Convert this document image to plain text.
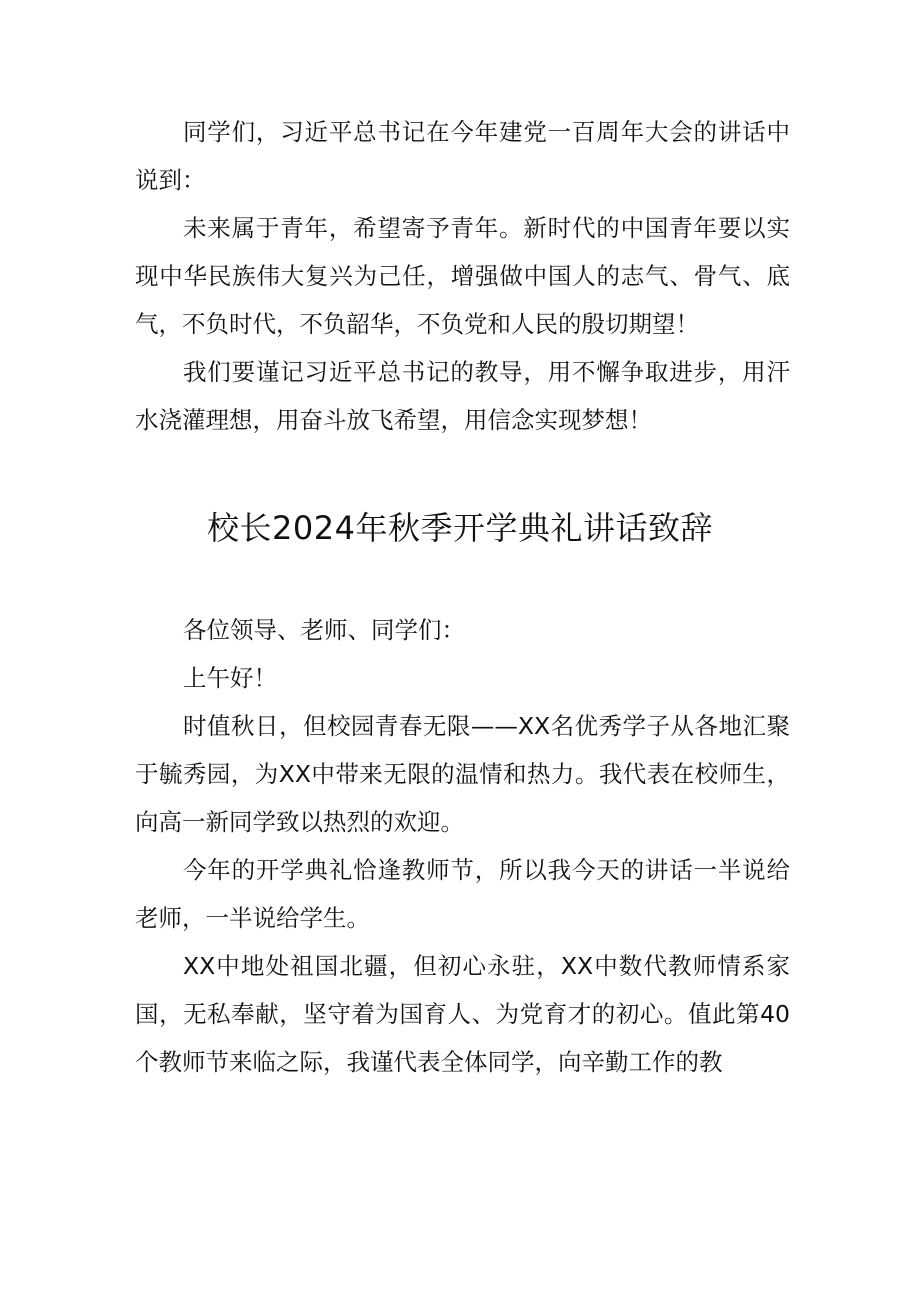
同学们，习近平总书记在今年建党一百周年大会的讲话中说到：

未来属于青年，希望寄予青年。新时代的中国青年要以实现中华民族伟大复兴为己任，增强做中国人的志气、骨气、底气，不负时代，不负韶华，不负党和人民的殷切期望！

我们要谨记习近平总书记的教导，用不懈争取进步，用汗水浇灌理想，用奋斗放飞希望，用信念实现梦想！

校长2024年秋季开学典礼讲话致辞

各位领导、老师、同学们：

上午好！

时值秋日，但校园青春无限——XX名优秀学子从各地汇聚于毓秀园，为XX中带来无限的温情和热力。我代表在校师生，向高一新同学致以热烈的欢迎。

今年的开学典礼恰逢教师节，所以我今天的讲话一半说给老师，一半说给学生。

XX中地处祖国北疆，但初心永驻，XX中数代教师情系家国，无私奉献，坚守着为国育人、为党育才的初心。值此第40个教师节来临之际，我谨代表全体同学，向辛勤工作的教
